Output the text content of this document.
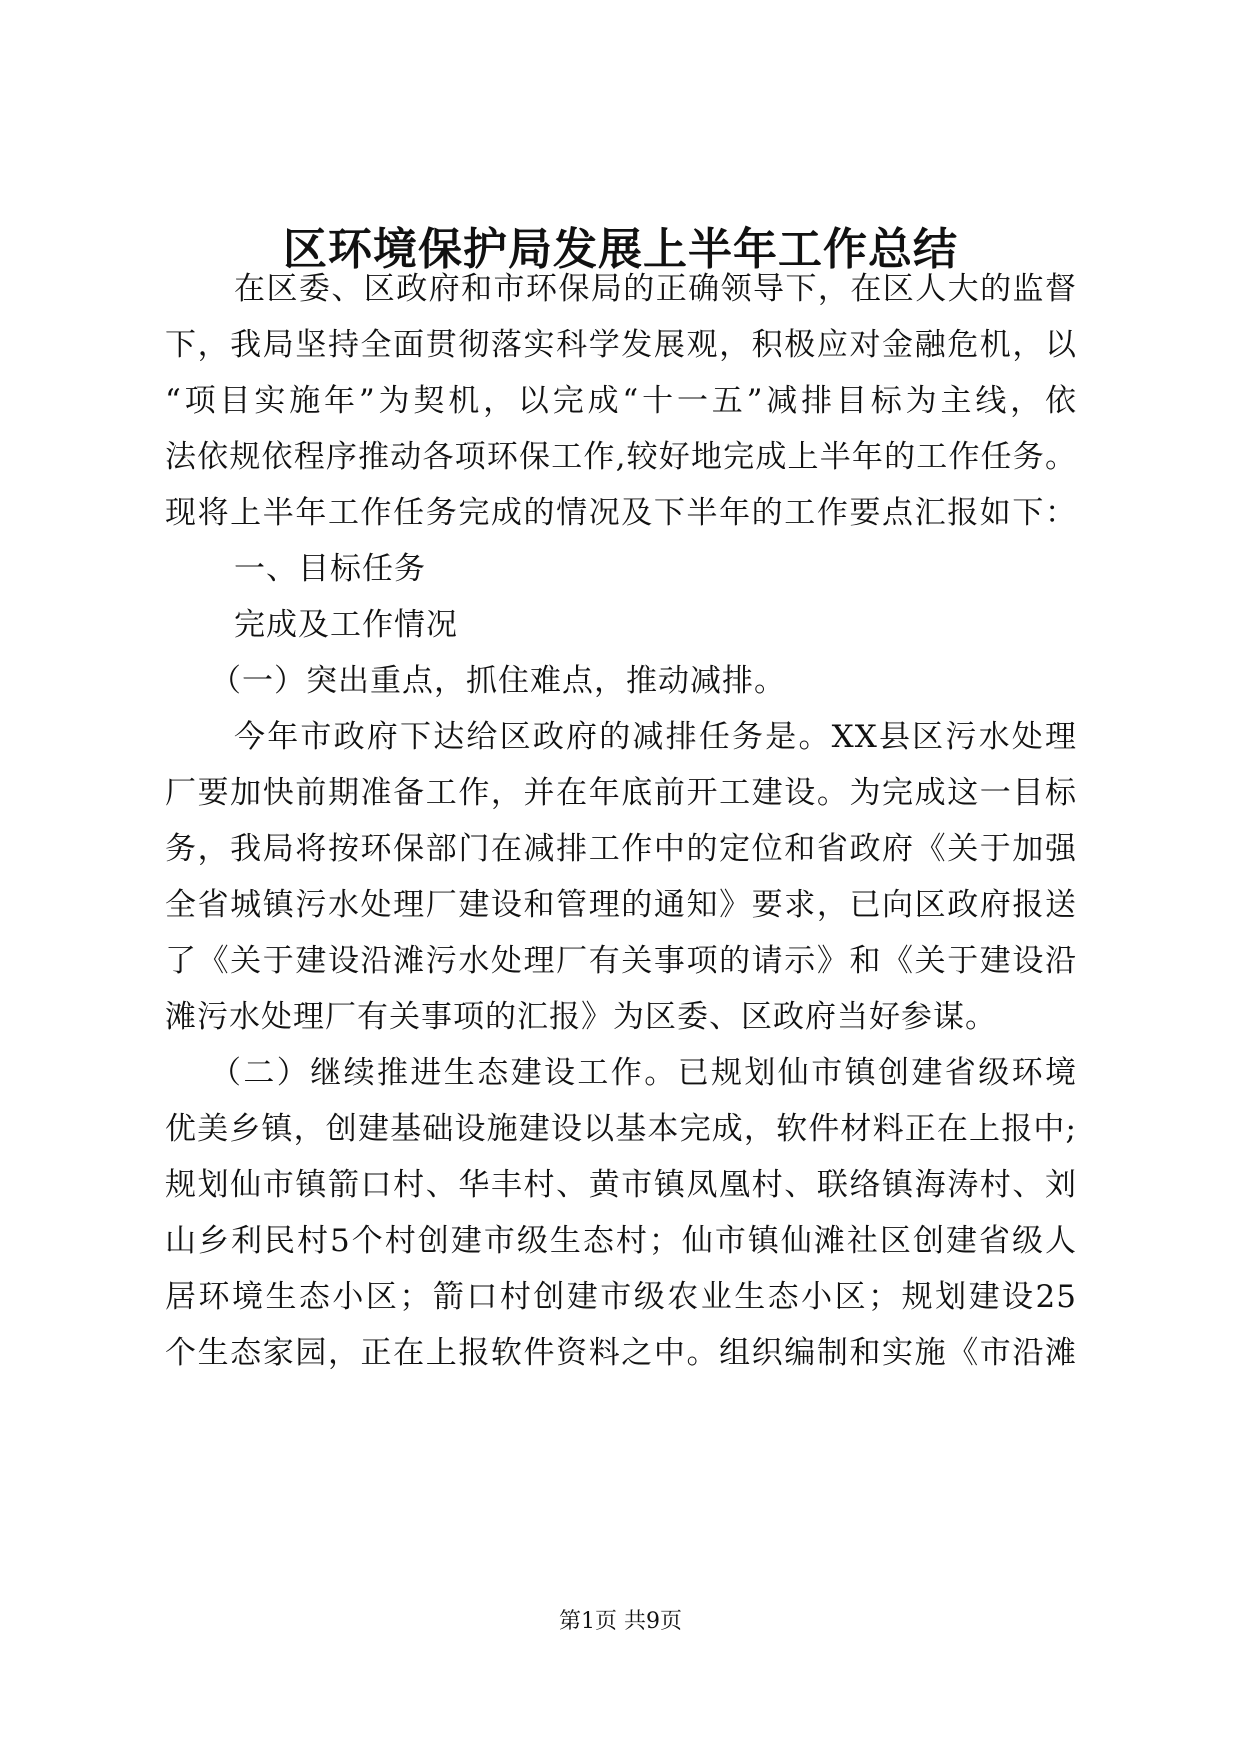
区环境保护局发展上半年工作总结
在区委、区政府和市环保局的正确领导下，在区人大的监督
下，我局坚持全面贯彻落实科学发展观，积极应对金融危机，以
“项目实施年”为契机，以完成“十一五”减排目标为主线，依
法依规依程序推动各项环保工作,较好地完成上半年的工作任务。
现将上半年工作任务完成的情况及下半年的工作要点汇报如下：
一、目标任务
完成及工作情况
（一）突出重点，抓住难点，推动减排。
今年市政府下达给区政府的减排任务是。XX县区污水处理
厂要加快前期准备工作，并在年底前开工建设。为完成这一目标
务，我局将按环保部门在减排工作中的定位和省政府《关于加强
全省城镇污水处理厂建设和管理的通知》要求，已向区政府报送
了《关于建设沿滩污水处理厂有关事项的请示》和《关于建设沿
滩污水处理厂有关事项的汇报》为区委、区政府当好参谋。
（二）继续推进生态建设工作。已规划仙市镇创建省级环境
优美乡镇，创建基础设施建设以基本完成，软件材料正在上报中;
规划仙市镇箭口村、华丰村、黄市镇凤凰村、联络镇海涛村、刘
山乡利民村5个村创建市级生态村；仙市镇仙滩社区创建省级人
居环境生态小区；箭口村创建市级农业生态小区；规划建设25
个生态家园，正在上报软件资料之中。组织编制和实施《市沿滩
第1页 共9页
